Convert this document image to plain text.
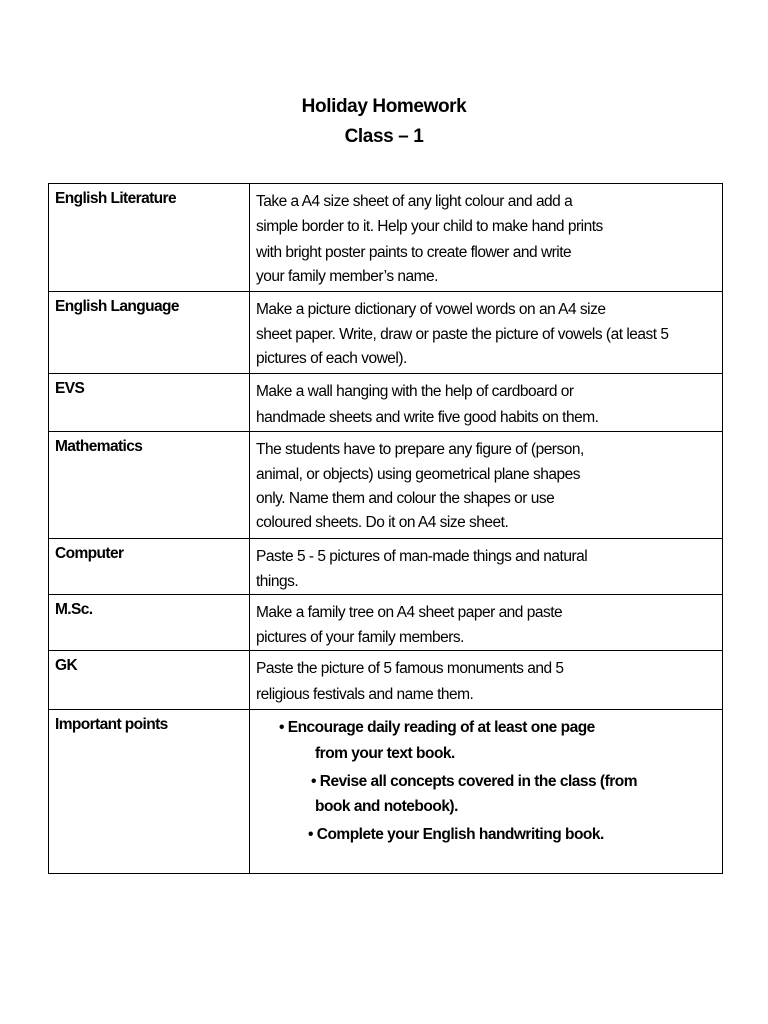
Holiday Homework
Class – 1
English Literature	Take a A4 size sheet of any light colour and add a
simple border to it. Help your child to make hand prints
with bright poster paints to create flower and write
your family member’s name.

English Language	Make a picture dictionary of vowel words on an A4 size
sheet paper. Write, draw or paste the picture of vowels (at least 5
pictures of each vowel).

EVS	Make a wall hanging with the help of cardboard or
handmade sheets and write five good habits on them.

Mathematics	The students have to prepare any figure of (person,
animal, or objects) using geometrical plane shapes
only. Name them and colour the shapes or use
coloured sheets. Do it on A4 size sheet.

Computer	Paste 5 - 5 pictures of man-made things and natural
things.

M.Sc.	Make a family tree on A4 sheet paper and paste
pictures of your family members.

GK	Paste the picture of 5 famous monuments and 5
religious festivals and name them.

Important points	• Encourage daily reading of at least one page
from your text book.
• Revise all concepts covered in the class (from
book and notebook).
• Complete your English handwriting book.
